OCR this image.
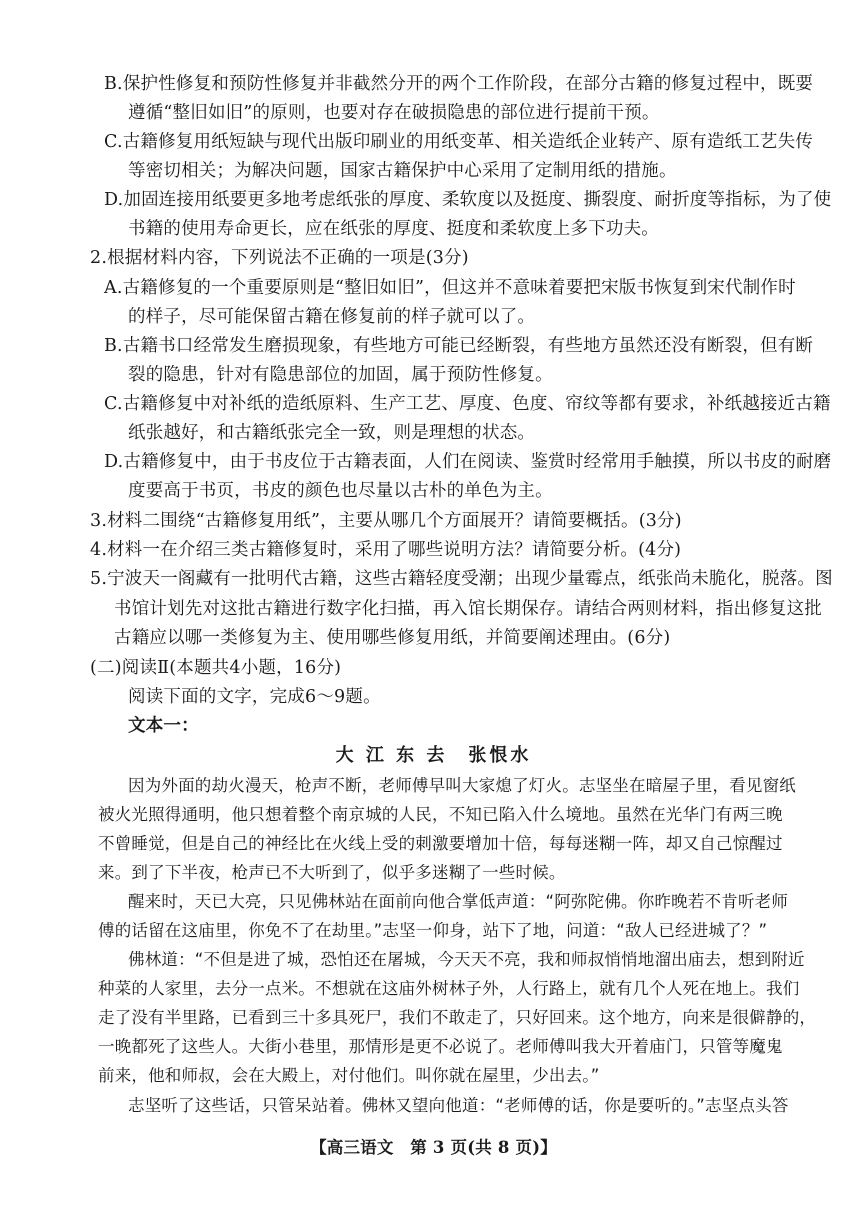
B.保护性修复和预防性修复并非截然分开的两个工作阶段，在部分古籍的修复过程中，既要

遵循“整旧如旧”的原则，也要对存在破损隐患的部位进行提前干预。

C.古籍修复用纸短缺与现代出版印刷业的用纸变革、相关造纸企业转产、原有造纸工艺失传

等密切相关；为解决问题，国家古籍保护中心采用了定制用纸的措施。

D.加固连接用纸要更多地考虑纸张的厚度、柔软度以及挺度、撕裂度、耐折度等指标，为了使

书籍的使用寿命更长，应在纸张的厚度、挺度和柔软度上多下功夫。

2.根据材料内容，下列说法不正确的一项是(3分)

A.古籍修复的一个重要原则是“整旧如旧”，但这并不意味着要把宋版书恢复到宋代制作时

的样子，尽可能保留古籍在修复前的样子就可以了。

B.古籍书口经常发生磨损现象，有些地方可能已经断裂，有些地方虽然还没有断裂，但有断

裂的隐患，针对有隐患部位的加固，属于预防性修复。

C.古籍修复中对补纸的造纸原料、生产工艺、厚度、色度、帘纹等都有要求，补纸越接近古籍

纸张越好，和古籍纸张完全一致，则是理想的状态。

D.古籍修复中，由于书皮位于古籍表面，人们在阅读、鉴赏时经常用手触摸，所以书皮的耐磨

度要高于书页，书皮的颜色也尽量以古朴的单色为主。

3.材料二围绕“古籍修复用纸”，主要从哪几个方面展开？请简要概括。(3分)

4.材料一在介绍三类古籍修复时，采用了哪些说明方法？请简要分析。(4分)

5.宁波天一阁藏有一批明代古籍，这些古籍轻度受潮；出现少量霉点，纸张尚未脆化，脱落。图

书馆计划先对这批古籍进行数字化扫描，再入馆长期保存。请结合两则材料，指出修复这批

古籍应以哪一类修复为主、使用哪些修复用纸，并简要阐述理由。(6分)

(二)阅读Ⅱ(本题共4小题，16分)

阅读下面的文字，完成6～9题。

文本一：

大 江 东 去　张恨水

因为外面的劫火漫天，枪声不断，老师傅早叫大家熄了灯火。志坚坐在暗屋子里，看见窗纸

被火光照得通明，他只想着整个南京城的人民，不知已陷入什么境地。虽然在光华门有两三晚

不曾睡觉，但是自己的神经比在火线上受的刺激要增加十倍，每每迷糊一阵，却又自己惊醒过

来。到了下半夜，枪声已不大听到了，似乎多迷糊了一些时候。

醒来时，天已大亮，只见佛林站在面前向他合掌低声道：“阿弥陀佛。你昨晚若不肯听老师

傅的话留在这庙里，你免不了在劫里。”志坚一仰身，站下了地，问道：“敌人已经进城了？”

佛林道：“不但是进了城，恐怕还在屠城，今天天不亮，我和师叔悄悄地溜出庙去，想到附近

种菜的人家里，去分一点米。不想就在这庙外树林子外，人行路上，就有几个人死在地上。我们

走了没有半里路，已看到三十多具死尸，我们不敢走了，只好回来。这个地方，向来是很僻静的，

一晚都死了这些人。大街小巷里，那情形是更不必说了。老师傅叫我大开着庙门，只管等魔鬼

前来，他和师叔，会在大殿上，对付他们。叫你就在屋里，少出去。”

志坚听了这些话，只管呆站着。佛林又望向他道：“老师傅的话，你是要听的。”志坚点头答

【高三语文　第 3 页(共 8 页)】
